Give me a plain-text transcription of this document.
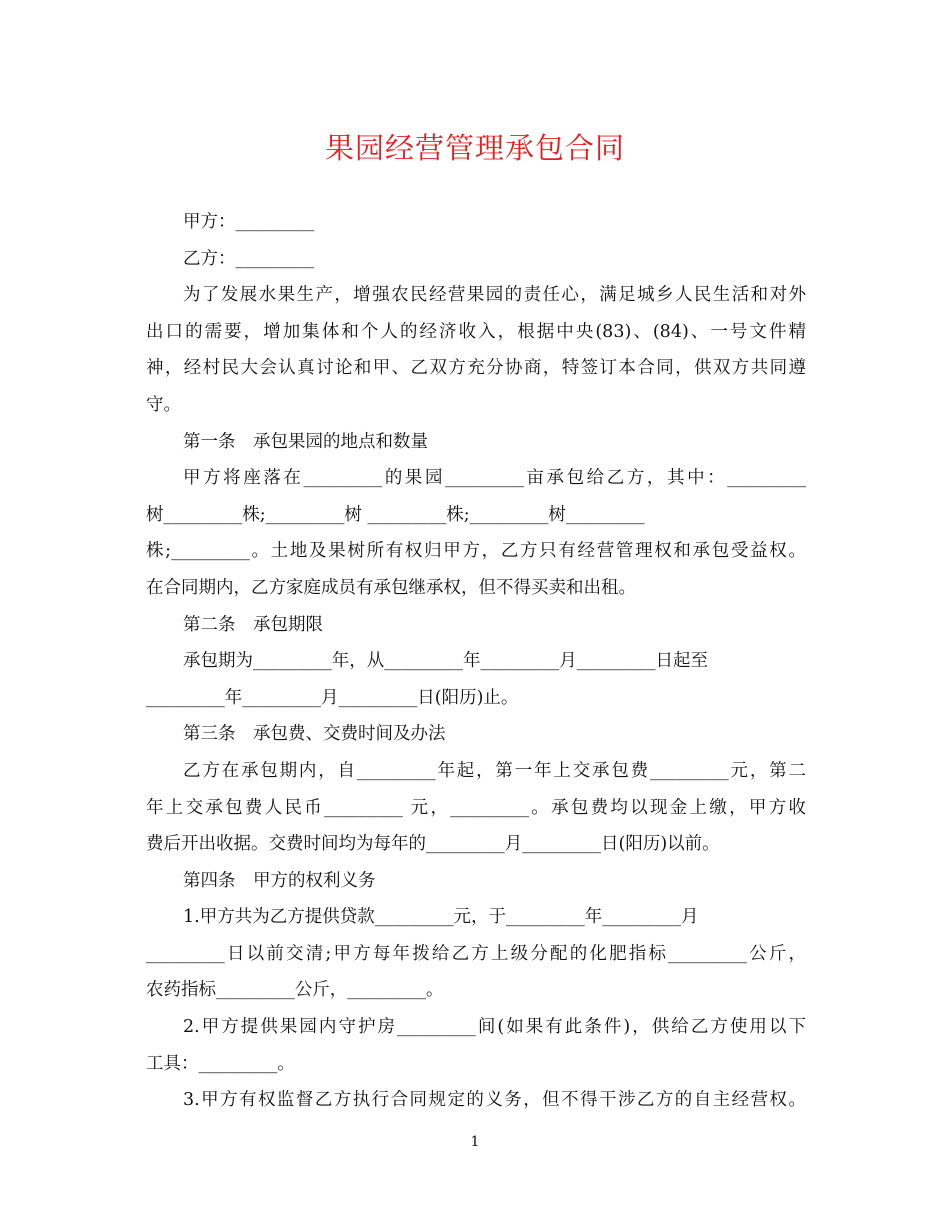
果园经营管理承包合同
甲方：_________
乙方：_________
为了发展水果生产，增强农民经营果园的责任心，满足城乡人民生活和对外
出口的需要，增加集体和个人的经济收入，根据中央(83)、(84)、一号文件精
神，经村民大会认真讨论和甲、乙双方充分协商，特签订本合同，供双方共同遵
守。
第一条　承包果园的地点和数量
甲方将座落在_________的果园_________亩承包给乙方，其中：_________
树_________株;_________树 _________株;_________树_________
株;_________。土地及果树所有权归甲方，乙方只有经营管理权和承包受益权。
在合同期内，乙方家庭成员有承包继承权，但不得买卖和出租。
第二条　承包期限
承包期为_________年，从_________年_________月_________日起至
_________年_________月_________日(阳历)止。
第三条　承包费、交费时间及办法
乙方在承包期内，自_________年起，第一年上交承包费_________元，第二
年上交承包费人民币_________ 元，_________。承包费均以现金上缴，甲方收
费后开出收据。交费时间均为每年的_________月_________日(阳历)以前。
第四条　甲方的权利义务
1.甲方共为乙方提供贷款_________元，于_________年_________月
_________日以前交清;甲方每年拨给乙方上级分配的化肥指标_________公斤，
农药指标_________公斤，_________。
2.甲方提供果园内守护房_________间(如果有此条件)，供给乙方使用以下
工具：_________。
3.甲方有权监督乙方执行合同规定的义务，但不得干涉乙方的自主经营权。
1
